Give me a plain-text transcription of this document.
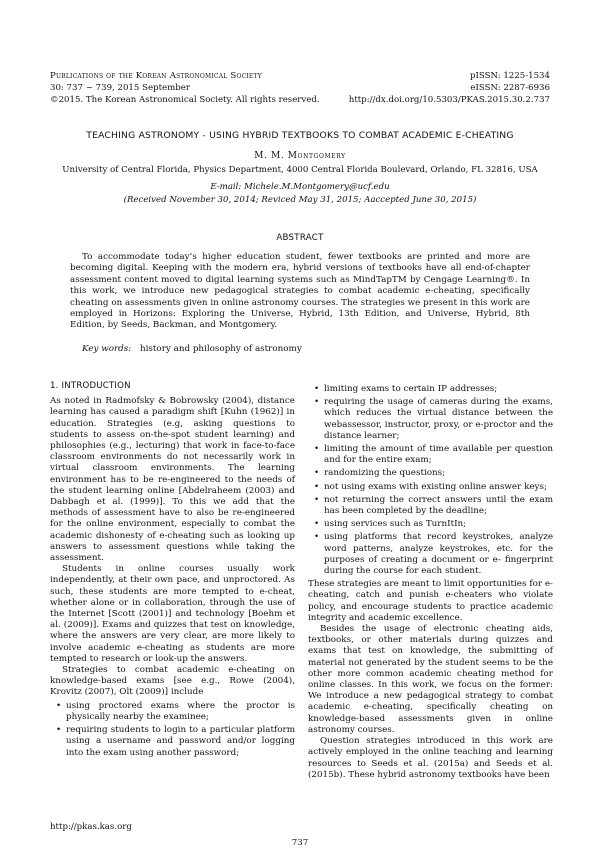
Publications of the Korean Astronomical Society
30: 737 ~ 739, 2015 September
©2015. The Korean Astronomical Society. All rights reserved.
pISSN: 1225-1534
eISSN: 2287-6936
http://dx.doi.org/10.5303/PKAS.2015.30.2.737
TEACHING ASTRONOMY - USING HYBRID TEXTBOOKS TO COMBAT ACADEMIC E-CHEATING
M. M. Montgomery
University of Central Florida, Physics Department, 4000 Central Florida Boulevard, Orlando, FL 32816, USA
E-mail: Michele.M.Montgomery@ucf.edu
(Received November 30, 2014; Reviced May 31, 2015; Aaccepted June 30, 2015)
ABSTRACT
To accommodate today’s higher education student, fewer textbooks are printed and more are becoming digital. Keeping with the modern era, hybrid versions of textbooks have all end-of-chapter assessment content moved to digital learning systems such as MindTapTM by Cengage Learning®. In this work, we introduce new pedagogical strategies to combat academic e-cheating, specifically cheating on assessments given in online astronomy courses. The strategies we present in this work are employed in Horizons: Exploring the Universe, Hybrid, 13th Edition, and Universe, Hybrid, 8th Edition, by Seeds, Backman, and Montgomery.
Key words: history and philosophy of astronomy
1. INTRODUCTION

As noted in Radmofsky & Bobrowsky (2004), distance learning has caused a paradigm shift [Kuhn (1962)] in education. Strategies (e.g, asking questions to students to assess on-the-spot student learning) and philosophies (e.g., lecturing) that work in face-to-face classroom environments do not necessarily work in virtual classroom environments. The learning environment has to be re-engineered to the needs of the student learning online [Abdelraheem (2003) and Dabbagh et al. (1999)]. To this we add that the methods of assessment have to also be re-engineered for the online environment, especially to combat the academic dishonesty of e-cheating such as looking up answers to assessment questions while taking the assessment.

Students in online courses usually work independently, at their own pace, and unproctored. As such, these students are more tempted to e-cheat, whether alone or in collaboration, through the use of the Internet [Scott (2001)] and technology [Boehm et al. (2009)]. Exams and quizzes that test on knowledge, where the answers are very clear, are more likely to involve academic e-cheating as students are more tempted to research or look-up the answers.

Strategies to combat academic e-cheating on knowledge-based exams [see e.g., Rowe (2004), Krovitz (2007), Olt (2009)] include

• using proctored exams where the proctor is physically nearby the examinee;
• requiring students to login to a particular platform using a username and password and/or logging into the exam using another password;
• limiting exams to certain IP addresses;
• requiring the usage of cameras during the exams, which reduces the virtual distance between the webassessor, instructor, proxy, or e-proctor and the distance learner;
• limiting the amount of time available per question and for the entire exam;
• randomizing the questions;
• not using exams with existing online answer keys;
• not returning the correct answers until the exam has been completed by the deadline;
• using services such as TurnItIn;
• using platforms that record keystrokes, analyze word patterns, analyze keystrokes, etc. for the purposes of creating a document or e- fingerprint during the course for each student.

These strategies are meant to limit opportunities for e-cheating, catch and punish e-cheaters who violate policy, and encourage students to practice academic integrity and academic excellence.

Besides the usage of electronic cheating aids, textbooks, or other materials during quizzes and exams that test on knowledge, the submitting of material not generated by the student seems to be the other more common academic cheating method for online classes. In this work, we focus on the former: We introduce a new pedagogical strategy to combat academic e-cheating, specifically cheating on knowledge-based assessments given in online astronomy courses.

Question strategies introduced in this work are actively employed in the online teaching and learning resources to Seeds et al. (2015a) and Seeds et al. (2015b). These hybrid astronomy textbooks have been

http://pkas.kas.org
737
